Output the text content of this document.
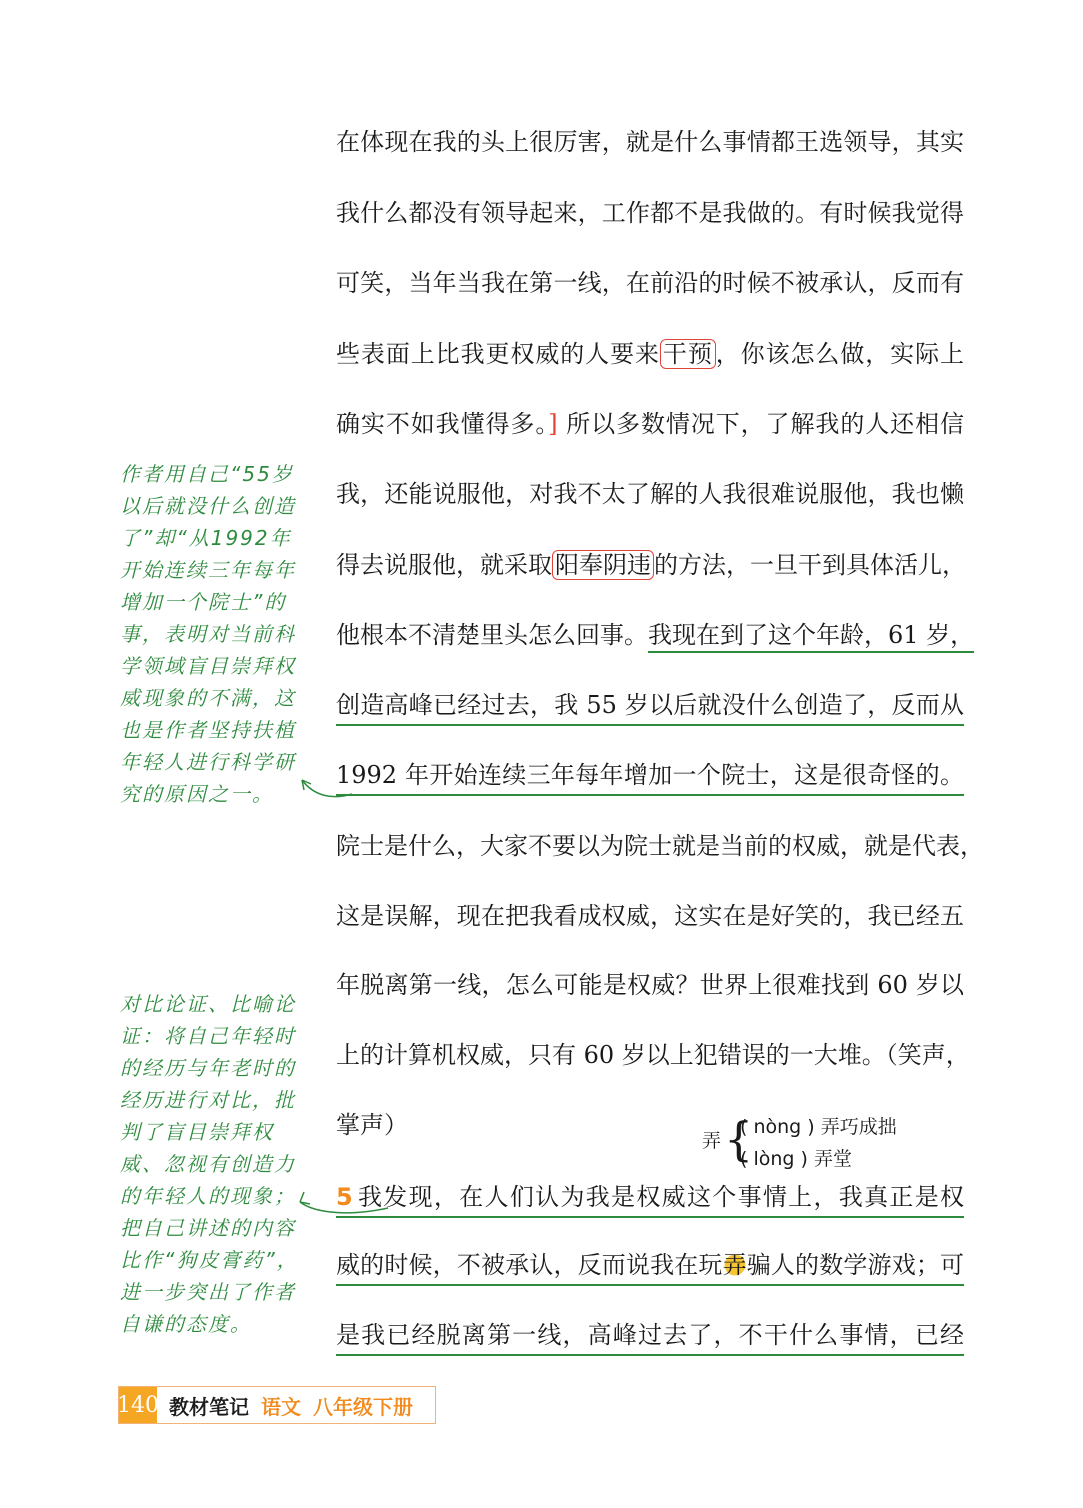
在体现在我的头上很厉害，就是什么事情都王选领导，其实
我什么都没有领导起来，工作都不是我做的。有时候我觉得
可笑，当年当我在第一线，在前沿的时候不被承认，反而有
些表面上比我更权威的人要来 干预 ，你该怎么做，实际上
确实不如我懂得多。] 所以多数情况下，了解我的人还相信
我，还能说服他，对我不太了解的人我很难说服他，我也懒
得去说服他，就采取 阳奉阴违 的方法，一旦干到具体活儿，
他根本不清楚里头怎么回事。我现在到了这个年龄，61 岁，
创造高峰已经过去，我 55 岁以后就没什么创造了，反而从
1992 年开始连续三年每年增加一个院士，这是很奇怪的。
院士是什么，大家不要以为院士就是当前的权威，就是代表，
这是误解，现在把我看成权威，这实在是好笑的，我已经五
年脱离第一线，怎么可能是权威？世界上很难找到 60 岁以
上的计算机权威，只有 60 岁以上犯错误的一大堆。（笑声，
掌声）
5 我发现，在人们认为我是权威这个事情上，我真正是权
威的时候，不被承认，反而说我在玩弄骗人的数学游戏；可
是我已经脱离第一线，高峰过去了，不干什么事情，已经
作者用自己“55岁以后就没什么创造了”却“从1992年开始连续三年每年增加一个院士”的事，表明对当前科学领域盲目崇拜权威现象的不满，这也是作者坚持扶植年轻人进行科学研究的原因之一。
对比论证、比喻论证：将自己年轻时的经历与年老时的经历进行对比，批判了盲目崇拜权威、忽视有创造力的年轻人的现象；把自己讲述的内容比作“狗皮膏药”，进一步突出了作者自谦的态度。
弄 {
( nòng ) 弄巧成拙
( lòng ) 弄堂
140 教材笔记 语文 八年级下册
